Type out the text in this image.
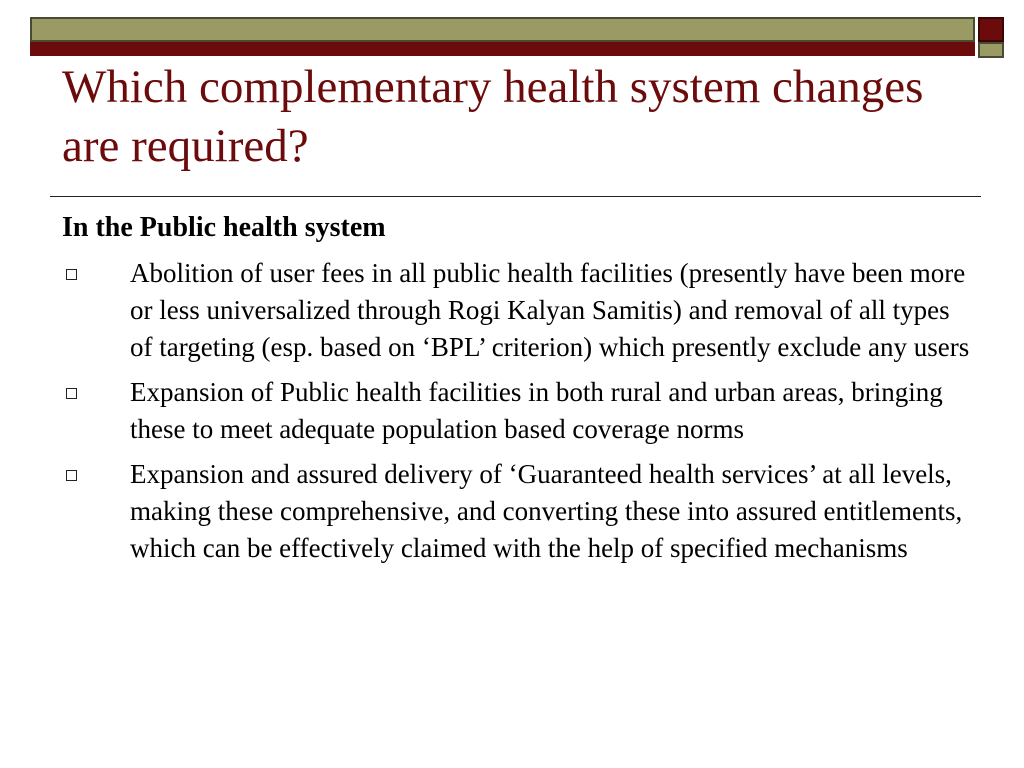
Which complementary health system changes are required?
In the Public health system
Abolition of user fees in all public health facilities (presently have been more or less universalized through Rogi Kalyan Samitis) and removal of all types of targeting (esp. based on ‘BPL’ criterion) which presently exclude any users
Expansion of Public health facilities in both rural and urban areas, bringing these to meet adequate population based coverage norms
Expansion and assured delivery of ‘Guaranteed health services’ at all levels, making these comprehensive, and converting these into assured entitlements, which can be effectively claimed with the help of specified mechanisms
